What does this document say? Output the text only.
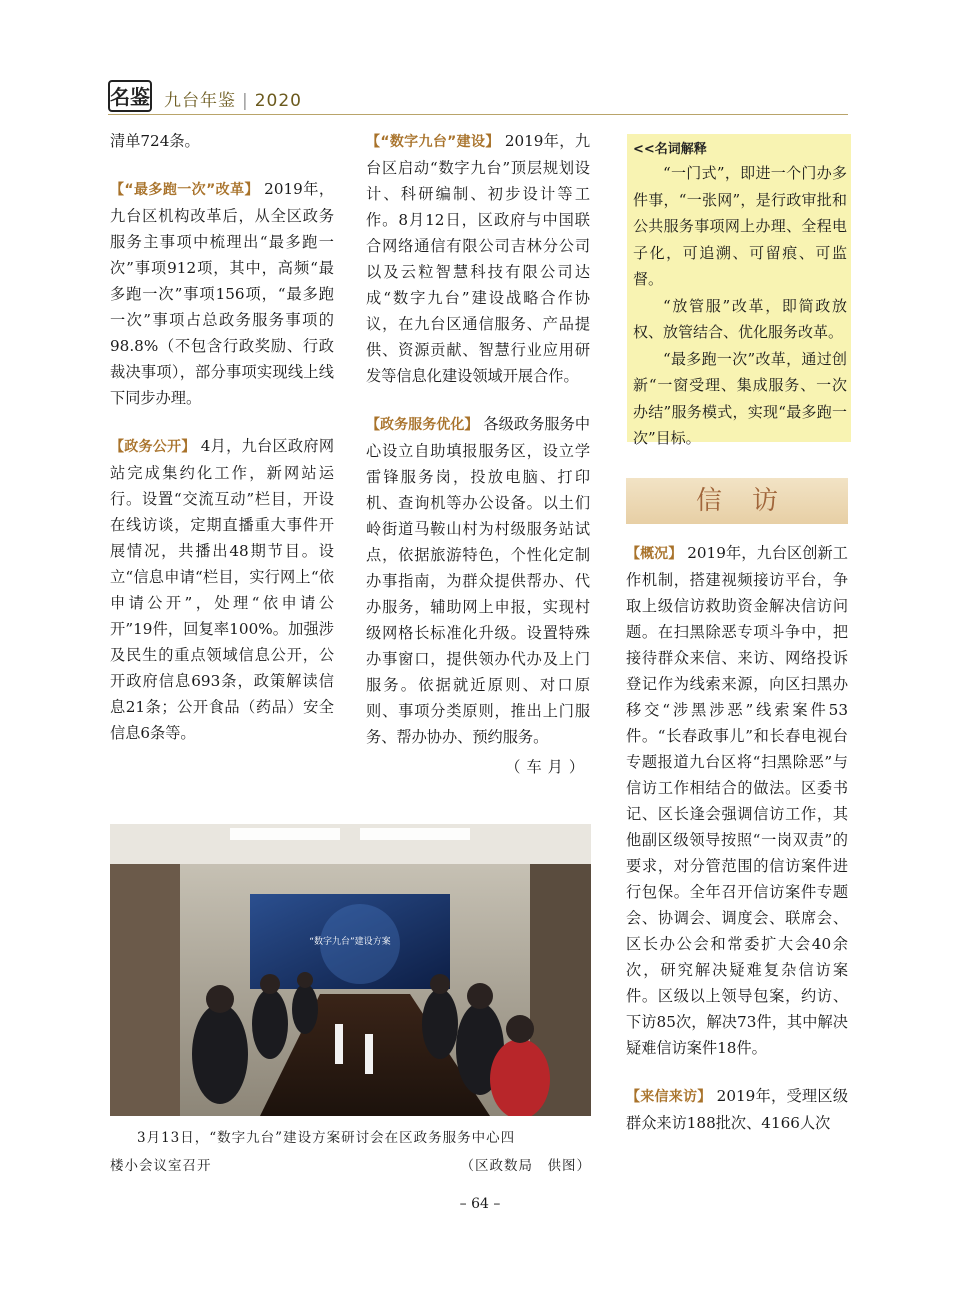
名鉴 九台年鉴 | 2020

清单724条。

【“最多跑一次”改革】 2019年，九台区机构改革后，从全区政务服务主事项中梳理出“最多跑一次”事项912项，其中，高频“最多跑一次”事项156项，“最多跑一次”事项占总政务服务事项的98.8%（不包含行政奖励、行政裁决事项），部分事项实现线上线下同步办理。

【政务公开】 4月，九台区政府网站完成集约化工作，新网站运行。设置“交流互动”栏目，开设在线访谈，定期直播重大事件开展情况，共播出48期节目。设立“信息申请“栏目，实行网上“依申请公开”，处理“依申请公开”19件，回复率100%。加强涉及民生的重点领域信息公开，公开政府信息693条，政策解读信息21条；公开食品（药品）安全信息6条等。

【“数字九台”建设】 2019年，九台区启动“数字九台”顶层规划设计、科研编制、初步设计等工作。8月12日，区政府与中国联合网络通信有限公司吉林分公司以及云粒智慧科技有限公司达成“数字九台”建设战略合作协议，在九台区通信服务、产品提供、资源贡献、智慧行业应用研发等信息化建设领域开展合作。

【政务服务优化】 各级政务服务中心设立自助填报服务区，设立学雷锋服务岗，投放电脑、打印机、查询机等办公设备。以土们岭街道马鞍山村为村级服务站试点，依据旅游特色，个性化定制办事指南，为群众提供帮办、代办服务，辅助网上申报，实现村级网格长标准化升级。设置特殊办事窗口，提供领办代办及上门服务。依据就近原则、对口原则、事项分类原则，推出上门服务、帮办协办、预约服务。

（车月）
<<名词解释

“一门式”，即进一个门办多件事，“一张网”，是行政审批和公共服务事项网上办理、全程电子化，可追溯、可留痕、可监督。

“放管服”改革，即简政放权、放管结合、优化服务改革。

“最多跑一次”改革，通过创新“一窗受理、集成服务、一次办结”服务模式，实现“最多跑一次”目标。

信访

【概况】 2019年，九台区创新工作机制，搭建视频接访平台，争取上级信访救助资金解决信访问题。在扫黑除恶专项斗争中，把接待群众来信、来访、网络投诉登记作为线索来源，向区扫黑办移交“涉黑涉恶”线索案件53件。“长春政事儿”和长春电视台专题报道九台区将“扫黑除恶”与信访工作相结合的做法。区委书记、区长逢会强调信访工作，其他副区级领导按照“一岗双责”的要求，对分管范围的信访案件进行包保。全年召开信访案件专题会、协调会、调度会、联席会、区长办公会和常委扩大会40余次，研究解决疑难复杂信访案件。区级以上领导包案，约访、下访85次，解决73件，其中解决疑难信访案件18件。

【来信来访】 2019年，受理区级群众来访188批次、4166人次

“数字九台”建设方案
3月13日，“数字九台”建设方案研讨会在区政务服务中心四
楼小会议室召开	（区政数局　供图）
– 64 –
